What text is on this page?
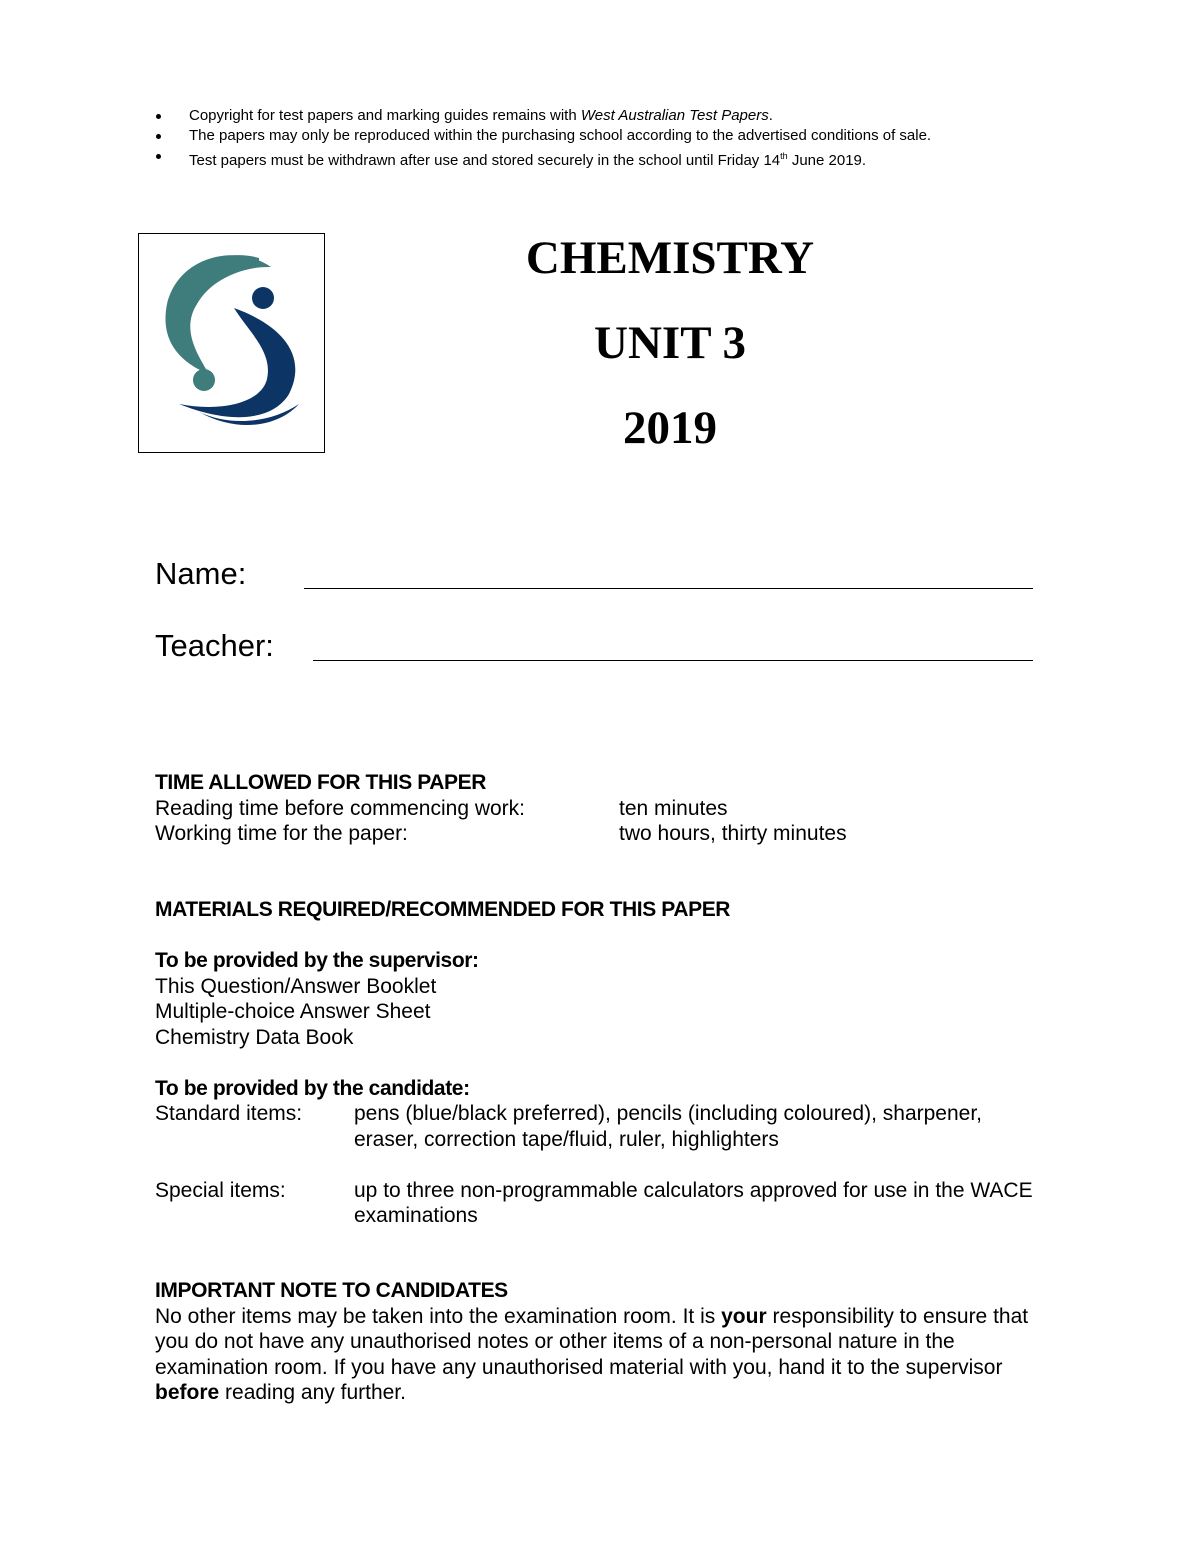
Copyright for test papers and marking guides remains with West Australian Test Papers.
The papers may only be reproduced within the purchasing school according to the advertised conditions of sale.
Test papers must be withdrawn after use and stored securely in the school until Friday 14th June 2019.
CHEMISTRY
UNIT 3
2019
Name:
Teacher:
TIME ALLOWED FOR THIS PAPER
Reading time before commencing work:	ten minutes
Working time for the paper:	two hours, thirty minutes
MATERIALS REQUIRED/RECOMMENDED FOR THIS PAPER
To be provided by the supervisor:
This Question/Answer Booklet
Multiple-choice Answer Sheet
Chemistry Data Book
To be provided by the candidate:
Standard items: pens (blue/black preferred), pencils (including coloured), sharpener, eraser, correction tape/fluid, ruler, highlighters
Special items:	up to three non-programmable calculators approved for use in the WACE examinations
IMPORTANT NOTE TO CANDIDATES

No other items may be taken into the examination room. It is your responsibility to ensure that you do not have any unauthorised notes or other items of a non-personal nature in the examination room. If you have any unauthorised material with you, hand it to the supervisor before reading any further.
